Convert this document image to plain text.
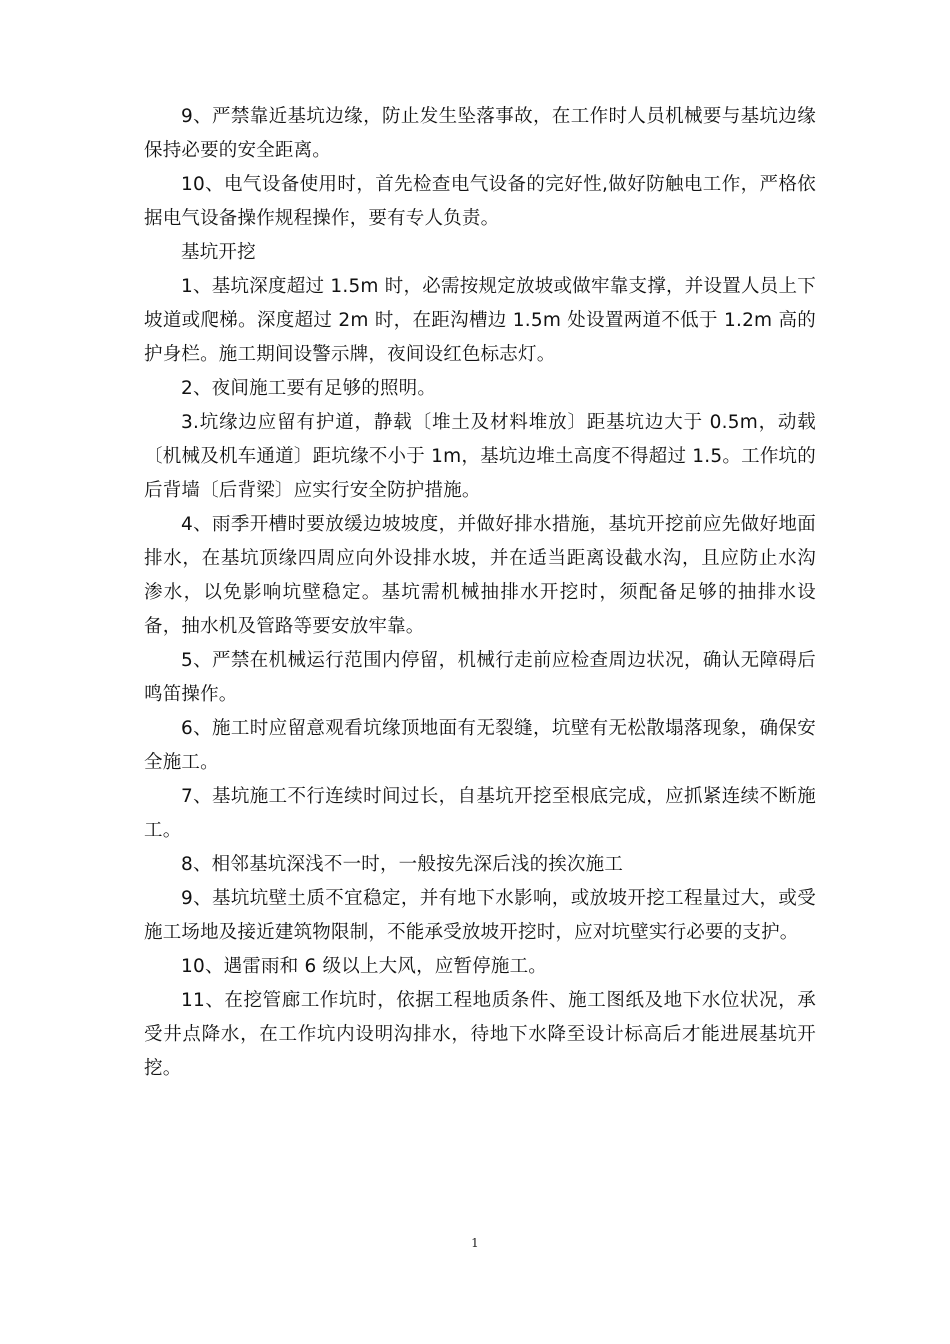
9、严禁靠近基坑边缘，防止发生坠落事故，在工作时人员机械要与基坑边缘保持必要的安全距离。

10、电气设备使用时，首先检查电气设备的完好性,做好防触电工作，严格依据电气设备操作规程操作，要有专人负责。

基坑开挖

1、基坑深度超过 1.5m 时，必需按规定放坡或做牢靠支撑，并设置人员上下坡道或爬梯。深度超过 2m 时，在距沟槽边 1.5m 处设置两道不低于 1.2m 高的护身栏。施工期间设警示牌，夜间设红色标志灯。

2、夜间施工要有足够的照明。

3.坑缘边应留有护道，静载〔堆土及材料堆放〕距基坑边大于 0.5m，动载〔机械及机车通道〕距坑缘不小于 1m，基坑边堆土高度不得超过 1.5。工作坑的后背墙〔后背梁〕应实行安全防护措施。

4、雨季开槽时要放缓边坡坡度，并做好排水措施，基坑开挖前应先做好地面排水，在基坑顶缘四周应向外设排水坡，并在适当距离设截水沟，且应防止水沟渗水，以免影响坑壁稳定。基坑需机械抽排水开挖时，须配备足够的抽排水设备，抽水机及管路等要安放牢靠。

5、严禁在机械运行范围内停留，机械行走前应检查周边状况，确认无障碍后鸣笛操作。

6、施工时应留意观看坑缘顶地面有无裂缝，坑壁有无松散塌落现象，确保安全施工。

7、基坑施工不行连续时间过长，自基坑开挖至根底完成，应抓紧连续不断施工。

8、相邻基坑深浅不一时，一般按先深后浅的挨次施工

9、基坑坑壁土质不宜稳定，并有地下水影响，或放坡开挖工程量过大，或受施工场地及接近建筑物限制，不能承受放坡开挖时，应对坑壁实行必要的支护。

10、遇雷雨和 6 级以上大风，应暂停施工。

11、在挖管廊工作坑时，依据工程地质条件、施工图纸及地下水位状况，承受井点降水，在工作坑内设明沟排水，待地下水降至设计标高后才能进展基坑开挖。

1
